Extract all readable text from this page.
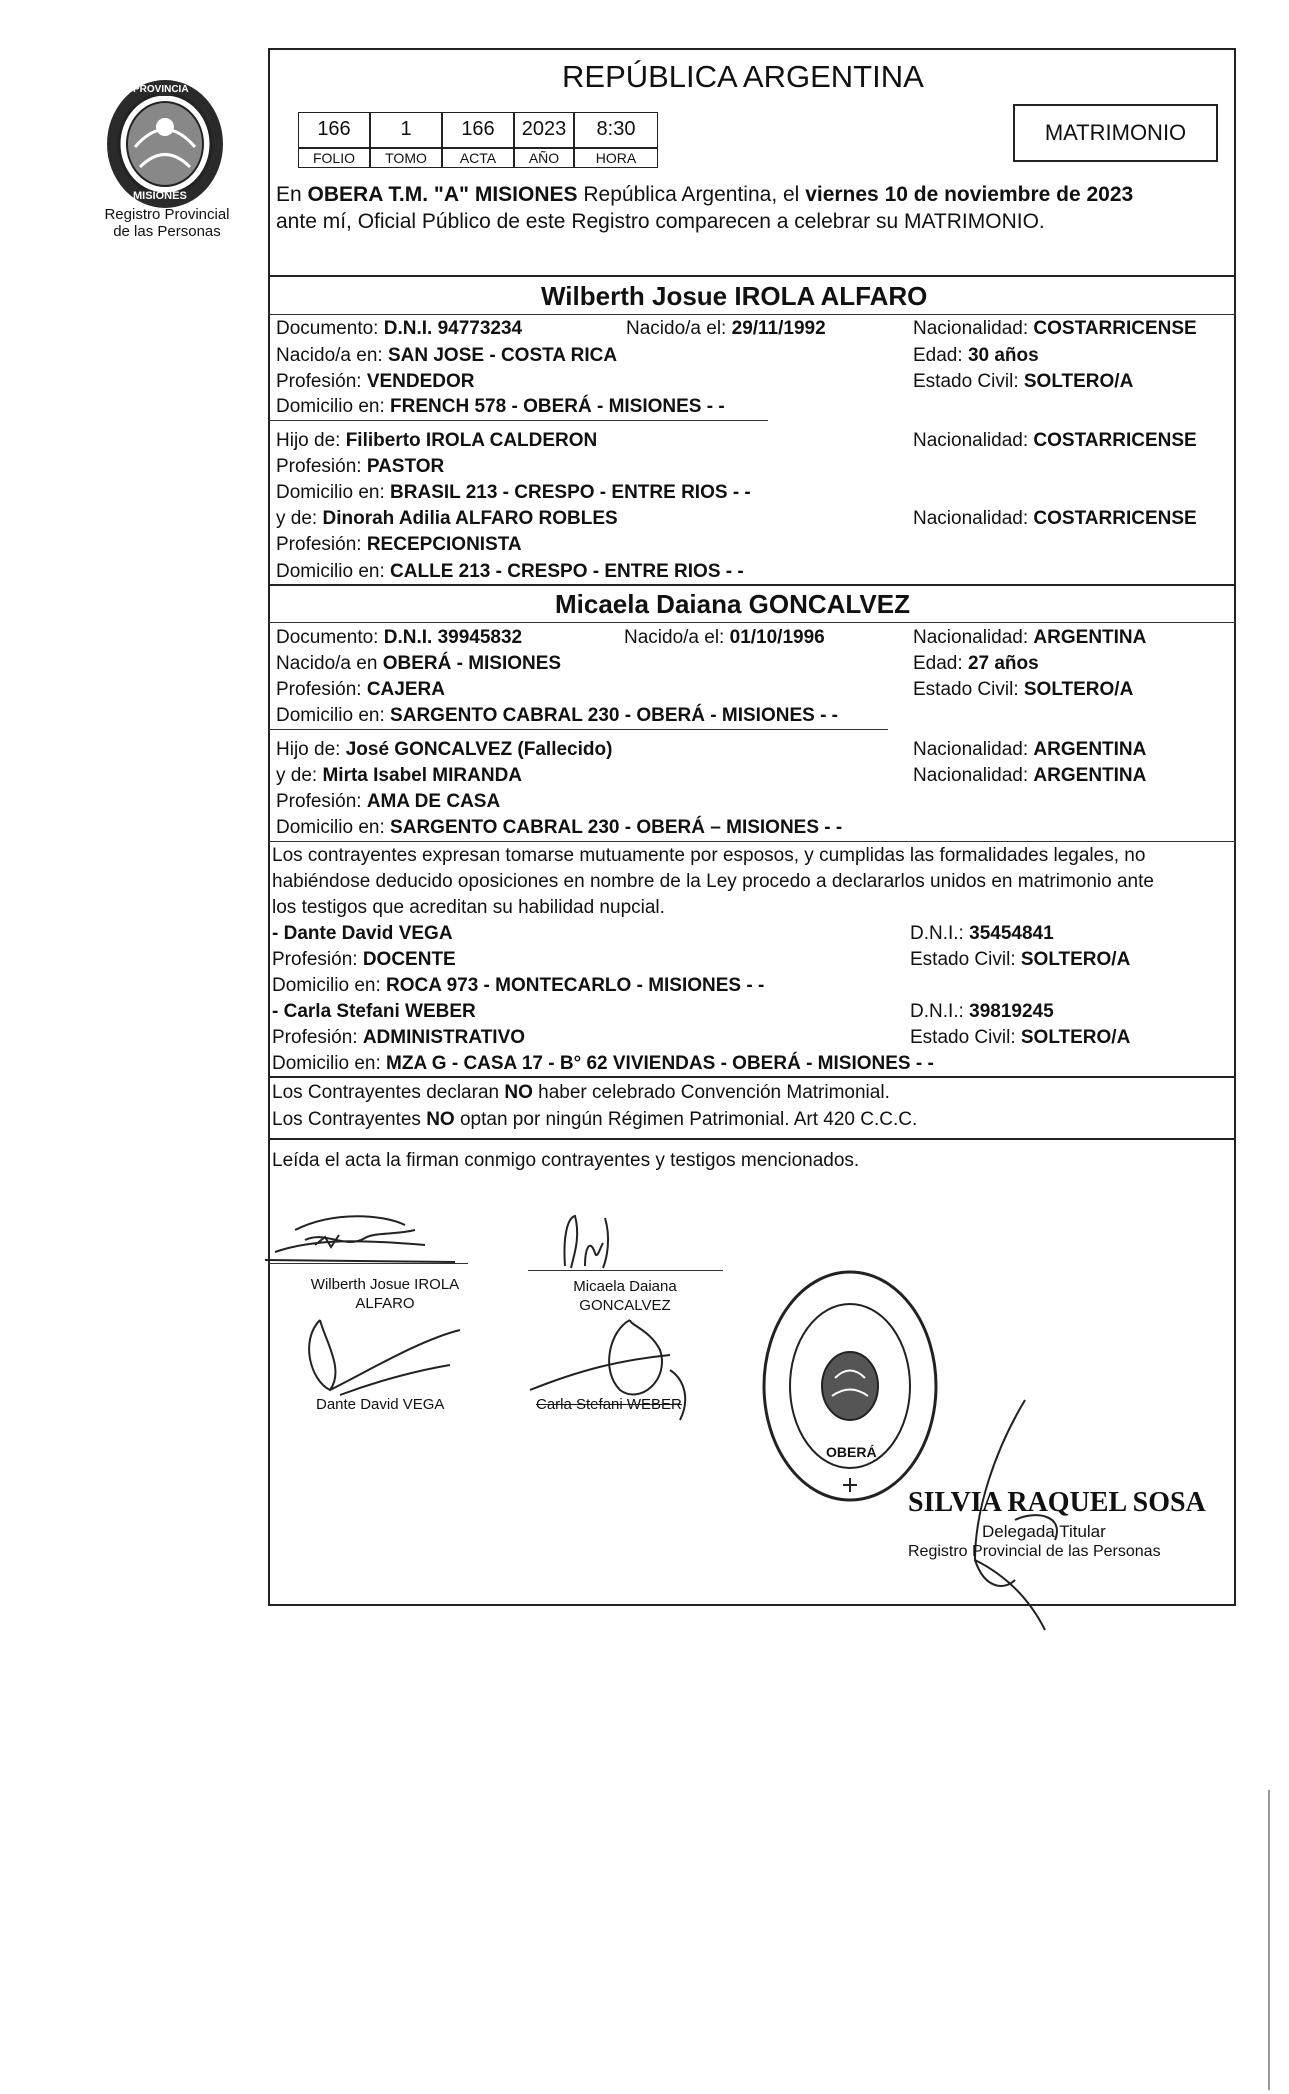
PROVINCIA
MISIONES
Registro Provincial
de las Personas
REPÚBLICA ARGENTINA
166	1	166	2023	8:30
FOLIO	TOMO	ACTA	AÑO	HORA
MATRIMONIO
En OBERA T.M. "A" MISIONES República Argentina, el viernes 10 de noviembre de 2023
ante mí, Oficial Público de este Registro comparecen a celebrar su MATRIMONIO.
Wilberth Josue IROLA ALFARO
Documento: D.N.I. 94773234	Nacido/a el: 29/11/1992	Nacionalidad: COSTARRICENSE
Nacido/a en: SAN JOSE - COSTA RICA	Edad: 30 años
Profesión: VENDEDOR	Estado Civil: SOLTERO/A
Domicilio en: FRENCH 578 - OBERÁ - MISIONES - -
Hijo de: Filiberto IROLA CALDERON	Nacionalidad: COSTARRICENSE
Profesión: PASTOR
Domicilio en: BRASIL 213 - CRESPO - ENTRE RIOS - -
y de: Dinorah Adilia ALFARO ROBLES	Nacionalidad: COSTARRICENSE
Profesión: RECEPCIONISTA
Domicilio en: CALLE 213 - CRESPO - ENTRE RIOS - -
Micaela Daiana GONCALVEZ
Documento: D.N.I. 39945832	Nacido/a el: 01/10/1996	Nacionalidad: ARGENTINA
Nacido/a en OBERÁ - MISIONES	Edad: 27 años
Profesión: CAJERA	Estado Civil: SOLTERO/A
Domicilio en: SARGENTO CABRAL 230 - OBERÁ - MISIONES - -
Hijo de: José GONCALVEZ (Fallecido)	Nacionalidad: ARGENTINA
y de: Mirta Isabel MIRANDA	Nacionalidad: ARGENTINA
Profesión: AMA DE CASA
Domicilio en: SARGENTO CABRAL 230 - OBERÁ – MISIONES - -
Los contrayentes expresan tomarse mutuamente por esposos, y cumplidas las formalidades legales, no
habiéndose deducido oposiciones en nombre de la Ley procedo a declararlos unidos en matrimonio ante
los testigos que acreditan su habilidad nupcial.
- Dante David VEGA	D.N.I.: 35454841
Profesión: DOCENTE	Estado Civil: SOLTERO/A
Domicilio en: ROCA 973 - MONTECARLO - MISIONES - -
- Carla Stefani WEBER	D.N.I.: 39819245
Profesión: ADMINISTRATIVO	Estado Civil: SOLTERO/A
Domicilio en: MZA G - CASA 17 - B° 62 VIVIENDAS - OBERÁ - MISIONES - -
Los Contrayentes declaran NO haber celebrado Convención Matrimonial.
Los Contrayentes NO optan por ningún Régimen Patrimonial. Art 420 C.C.C.
Leída el acta la firman conmigo contrayentes y testigos mencionados.
Wilberth Josue IROLA
ALFARO
Micaela Daiana
GONCALVEZ
Dante David VEGA	Carla Stefani WEBER
OBERÁ
SILVIA RAQUEL SOSA
Delegada Titular
Registro Provincial de las Personas
